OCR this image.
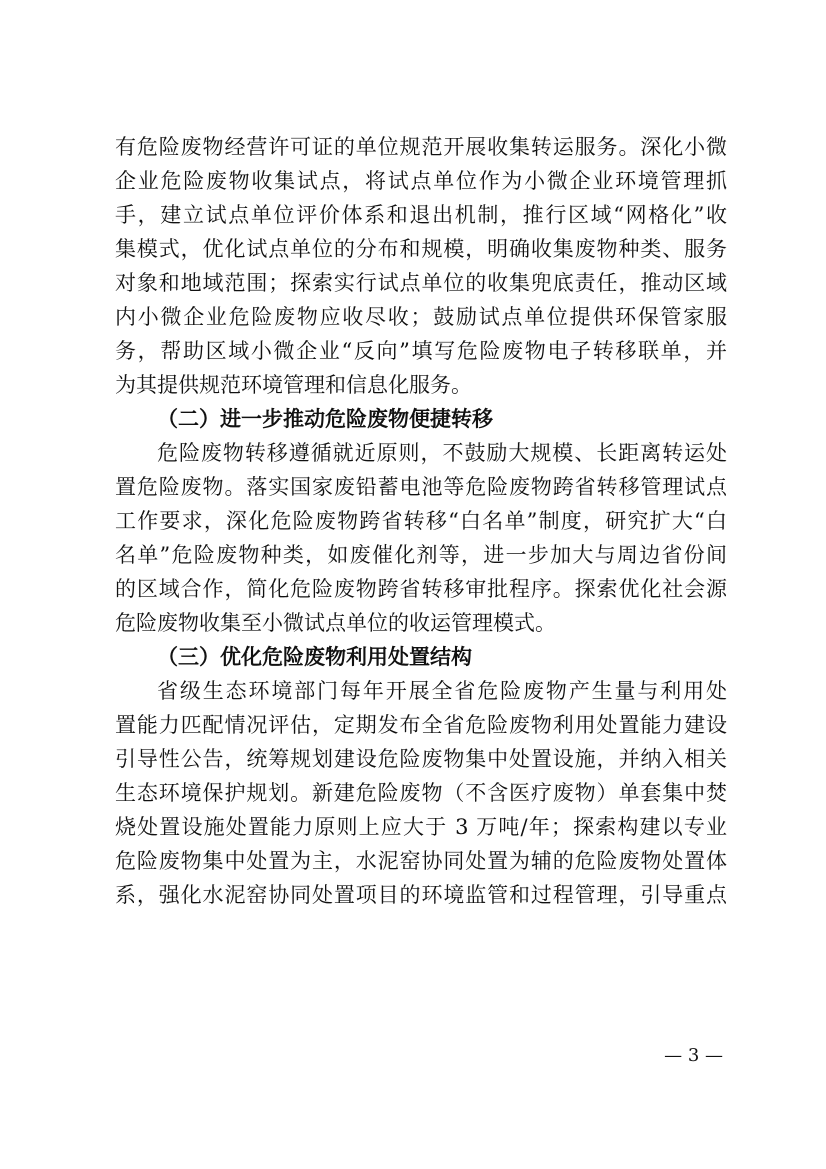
有危险废物经营许可证的单位规范开展收集转运服务。深化小微
企业危险废物收集试点，将试点单位作为小微企业环境管理抓
手，建立试点单位评价体系和退出机制，推行区域“网格化”收
集模式，优化试点单位的分布和规模，明确收集废物种类、服务
对象和地域范围；探索实行试点单位的收集兜底责任，推动区域
内小微企业危险废物应收尽收；鼓励试点单位提供环保管家服
务，帮助区域小微企业“反向”填写危险废物电子转移联单，并
为其提供规范环境管理和信息化服务。
（二）进一步推动危险废物便捷转移
危险废物转移遵循就近原则，不鼓励大规模、长距离转运处
置危险废物。落实国家废铅蓄电池等危险废物跨省转移管理试点
工作要求，深化危险废物跨省转移“白名单”制度，研究扩大“白
名单”危险废物种类，如废催化剂等，进一步加大与周边省份间
的区域合作，简化危险废物跨省转移审批程序。探索优化社会源
危险废物收集至小微试点单位的收运管理模式。
（三）优化危险废物利用处置结构
省级生态环境部门每年开展全省危险废物产生量与利用处
置能力匹配情况评估，定期发布全省危险废物利用处置能力建设
引导性公告，统筹规划建设危险废物集中处置设施，并纳入相关
生态环境保护规划。新建危险废物（不含医疗废物）单套集中焚
烧处置设施处置能力原则上应大于 3 万吨/年；探索构建以专业
危险废物集中处置为主，水泥窑协同处置为辅的危险废物处置体
系，强化水泥窑协同处置项目的环境监管和过程管理，引导重点
— 3 —
